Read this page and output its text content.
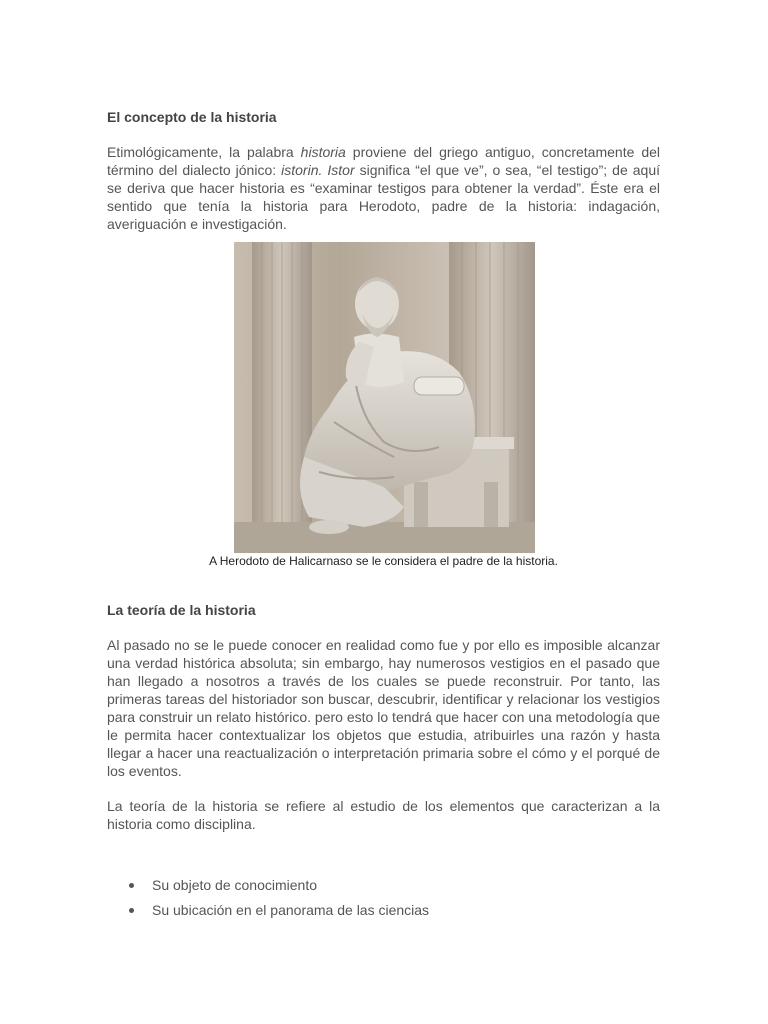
El concepto de la historia

Etimológicamente, la palabra historia proviene del griego antiguo, concretamente del término del dialecto jónico: istorin. Istor significa “el que ve”, o sea, “el testigo”; de aquí se deriva que hacer historia es “examinar testigos para obtener la verdad”. Éste era el sentido que tenía la historia para Herodoto, padre de la historia: indagación, averiguación e investigación.

A Herodoto de Halicarnaso se le considera el padre de la historia.

La teoría de la historia

Al pasado no se le puede conocer en realidad como fue y por ello es imposible alcanzar una verdad histórica absoluta; sin embargo, hay numerosos vestigios en el pasado que han llegado a nosotros a través de los cuales se puede reconstruir. Por tanto, las primeras tareas del historiador son buscar, descubrir, identificar y relacionar los vestigios para construir un relato histórico. pero esto lo tendrá que hacer con una metodología que le permita hacer contextualizar los objetos que estudia, atribuirles una razón y hasta llegar a hacer una reactualización o interpretación primaria sobre el cómo y el porqué de los eventos.

La teoría de la historia se refiere al estudio de los elementos que caracterizan a la historia como disciplina.

Su objeto de conocimiento
Su ubicación en el panorama de las ciencias
